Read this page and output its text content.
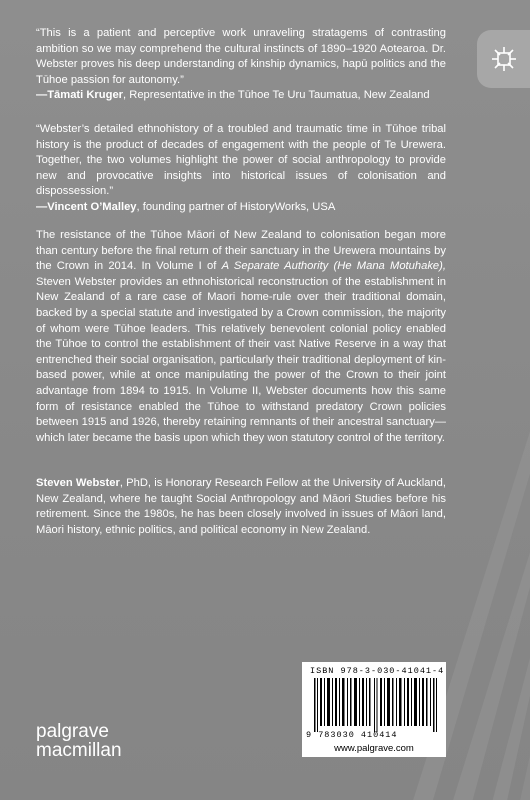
“This is a patient and perceptive work unraveling stratagems of contrasting ambition so we may comprehend the cultural instincts of 1890–1920 Aotearoa. Dr. Webster proves his deep understanding of kinship dynamics, hapū politics and the Tūhoe passion for autonomy.”
—Tāmati Kruger, Representative in the Tūhoe Te Uru Taumatua, New Zealand
“Webster’s detailed ethnohistory of a troubled and traumatic time in Tūhoe tribal history is the product of decades of engagement with the people of Te Urewera. Together, the two volumes highlight the power of social anthropology to provide new and provocative insights into historical issues of colonisation and dispossession.”
—Vincent O’Malley, founding partner of HistoryWorks, USA
The resistance of the Tūhoe Māori of New Zealand to colonisation began more than century before the final return of their sanctuary in the Urewera mountains by the Crown in 2014. In Volume I of A Separate Authority (He Mana Motuhake), Steven Webster provides an ethnohistorical reconstruction of the establishment in New Zealand of a rare case of Maori home-rule over their traditional domain, backed by a special statute and investigated by a Crown commission, the majority of whom were Tūhoe leaders. This relatively benevolent colonial policy enabled the Tūhoe to control the establishment of their vast Native Reserve in a way that entrenched their social organisation, particularly their traditional deployment of kin-based power, while at once manipulating the power of the Crown to their joint advantage from 1894 to 1915. In Volume II, Webster documents how this same form of resistance enabled the Tūhoe to withstand predatory Crown policies between 1915 and 1926, thereby retaining remnants of their ancestral sanctuary—which later became the basis upon which they won statutory control of the territory.
Steven Webster, PhD, is Honorary Research Fellow at the University of Auckland, New Zealand, where he taught Social Anthropology and Māori Studies before his retirement. Since the 1980s, he has been closely involved in issues of Māori land, Māori history, ethnic politics, and political economy in New Zealand.
ISBN 978-3-030-41041-4
9 783030 410414
www.palgrave.com
palgrave
macmillan
